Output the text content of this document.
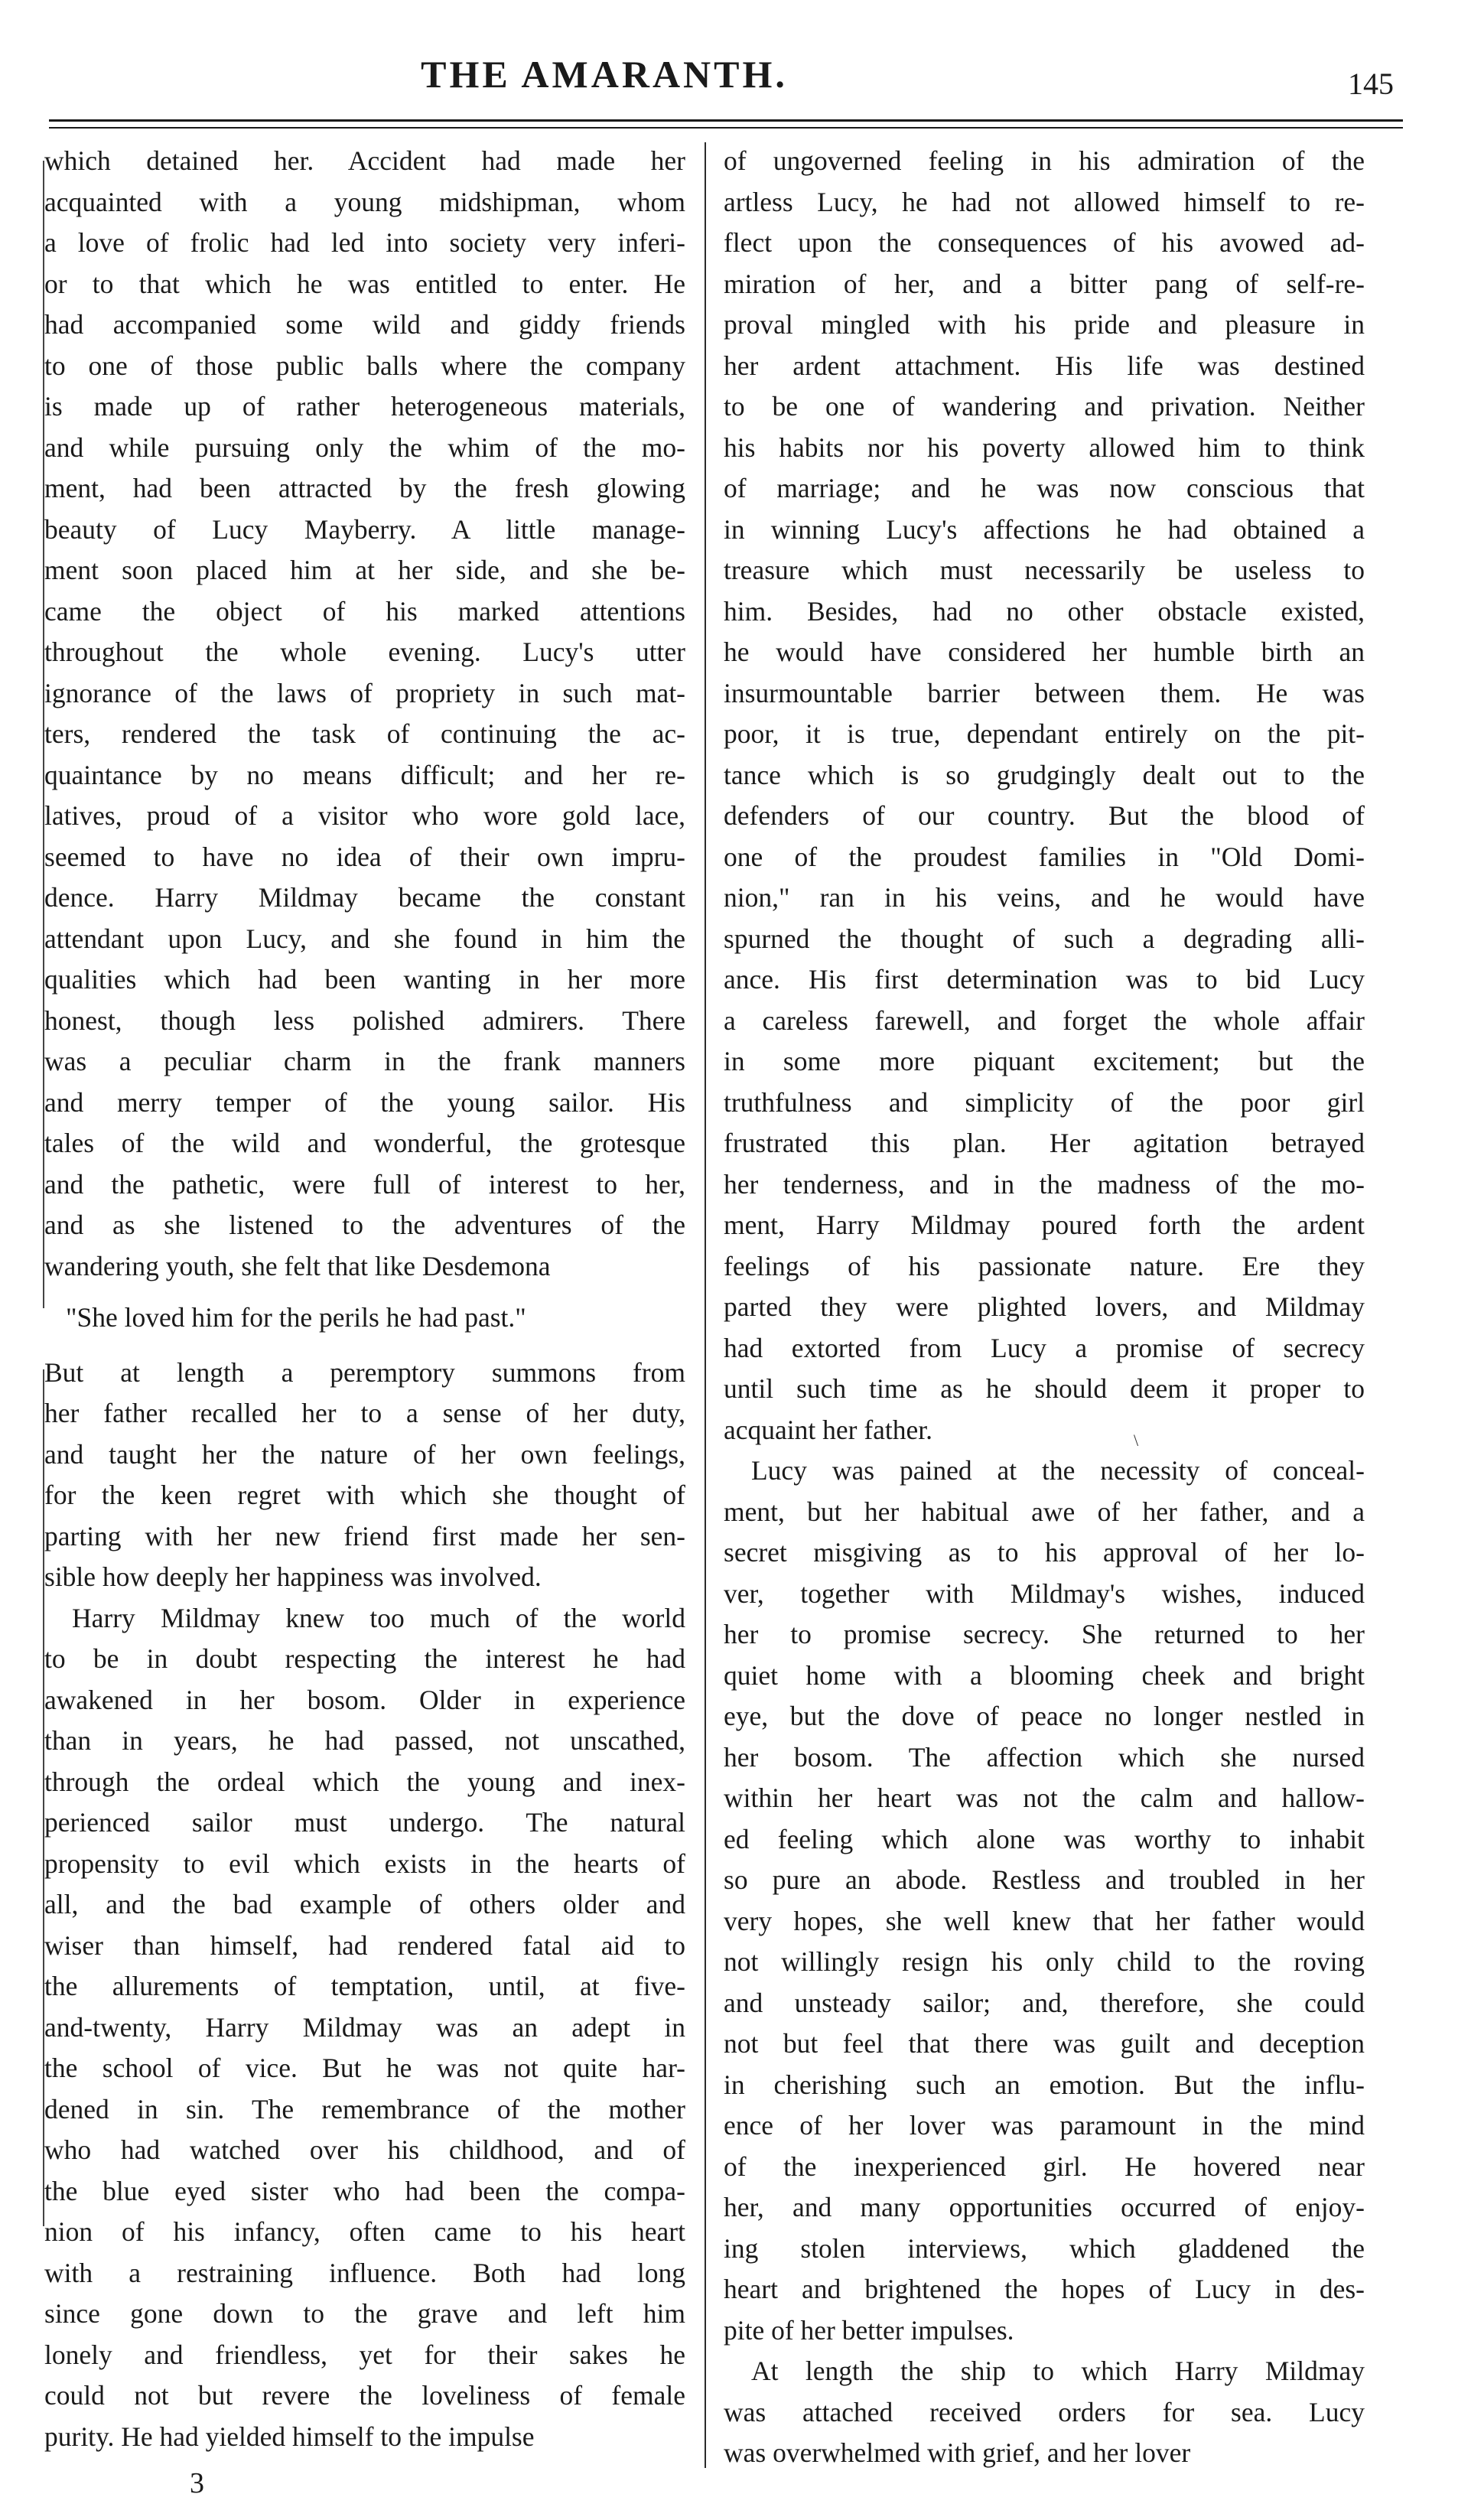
THE AMARANTH.	145
which detained her. Accident had made her
acquainted with a young midshipman, whom
a love of frolic had led into society very inferi-
or to that which he was entitled to enter. He
had accompanied some wild and giddy friends
to one of those public balls where the company
is made up of rather heterogeneous materials,
and while pursuing only the whim of the mo-
ment, had been attracted by the fresh glowing
beauty of Lucy Mayberry. A little manage-
ment soon placed him at her side, and she be-
came the object of his marked attentions
throughout the whole evening. Lucy's utter
ignorance of the laws of propriety in such mat-
ters, rendered the task of continuing the ac-
quaintance by no means difficult; and her re-
latives, proud of a visitor who wore gold lace,
seemed to have no idea of their own impru-
dence. Harry Mildmay became the constant
attendant upon Lucy, and she found in him the
qualities which had been wanting in her more
honest, though less polished admirers. There
was a peculiar charm in the frank manners
and merry temper of the young sailor. His
tales of the wild and wonderful, the grotesque
and the pathetic, were full of interest to her,
and as she listened to the adventures of the
wandering youth, she felt that like Desdemona
"She loved him for the perils he had past."
But at length a peremptory summons from
her father recalled her to a sense of her duty,
and taught her the nature of her own feelings,
for the keen regret with which she thought of
parting with her new friend first made her sen-
sible how deeply her happiness was involved.
Harry Mildmay knew too much of the world
to be in doubt respecting the interest he had
awakened in her bosom. Older in experience
than in years, he had passed, not unscathed,
through the ordeal which the young and inex-
perienced sailor must undergo. The natural
propensity to evil which exists in the hearts of
all, and the bad example of others older and
wiser than himself, had rendered fatal aid to
the allurements of temptation, until, at five-
and-twenty, Harry Mildmay was an adept in
the school of vice. But he was not quite har-
dened in sin. The remembrance of the mother
who had watched over his childhood, and of
the blue eyed sister who had been the compa-
nion of his infancy, often came to his heart
with a restraining influence. Both had long
since gone down to the grave and left him
lonely and friendless, yet for their sakes he
could not but revere the loveliness of female
purity. He had yielded himself to the impulse
of ungoverned feeling in his admiration of the
artless Lucy, he had not allowed himself to re-
flect upon the consequences of his avowed ad-
miration of her, and a bitter pang of self-re-
proval mingled with his pride and pleasure in
her ardent attachment. His life was destined
to be one of wandering and privation. Neither
his habits nor his poverty allowed him to think
of marriage; and he was now conscious that
in winning Lucy's affections he had obtained a
treasure which must necessarily be useless to
him. Besides, had no other obstacle existed,
he would have considered her humble birth an
insurmountable barrier between them. He was
poor, it is true, dependant entirely on the pit-
tance which is so grudgingly dealt out to the
defenders of our country. But the blood of
one of the proudest families in "Old Domi-
nion," ran in his veins, and he would have
spurned the thought of such a degrading alli-
ance. His first determination was to bid Lucy
a careless farewell, and forget the whole affair
in some more piquant excitement; but the
truthfulness and simplicity of the poor girl
frustrated this plan. Her agitation betrayed
her tenderness, and in the madness of the mo-
ment, Harry Mildmay poured forth the ardent
feelings of his passionate nature. Ere they
parted they were plighted lovers, and Mildmay
had extorted from Lucy a promise of secrecy
until such time as he should deem it proper to
acquaint her father.
Lucy was pained at the necessity of conceal-
ment, but her habitual awe of her father, and a
secret misgiving as to his approval of her lo-
ver, together with Mildmay's wishes, induced
her to promise secrecy. She returned to her
quiet home with a blooming cheek and bright
eye, but the dove of peace no longer nestled in
her bosom. The affection which she nursed
within her heart was not the calm and hallow-
ed feeling which alone was worthy to inhabit
so pure an abode. Restless and troubled in her
very hopes, she well knew that her father would
not willingly resign his only child to the roving
and unsteady sailor; and, therefore, she could
not but feel that there was guilt and deception
in cherishing such an emotion. But the influ-
ence of her lover was paramount in the mind
of the inexperienced girl. He hovered near
her, and many opportunities occurred of enjoy-
ing stolen interviews, which gladdened the
heart and brightened the hopes of Lucy in des-
pite of her better impulses.
At length the ship to which Harry Mildmay
was attached received orders for sea. Lucy
was overwhelmed with grief, and her lover
\
3
